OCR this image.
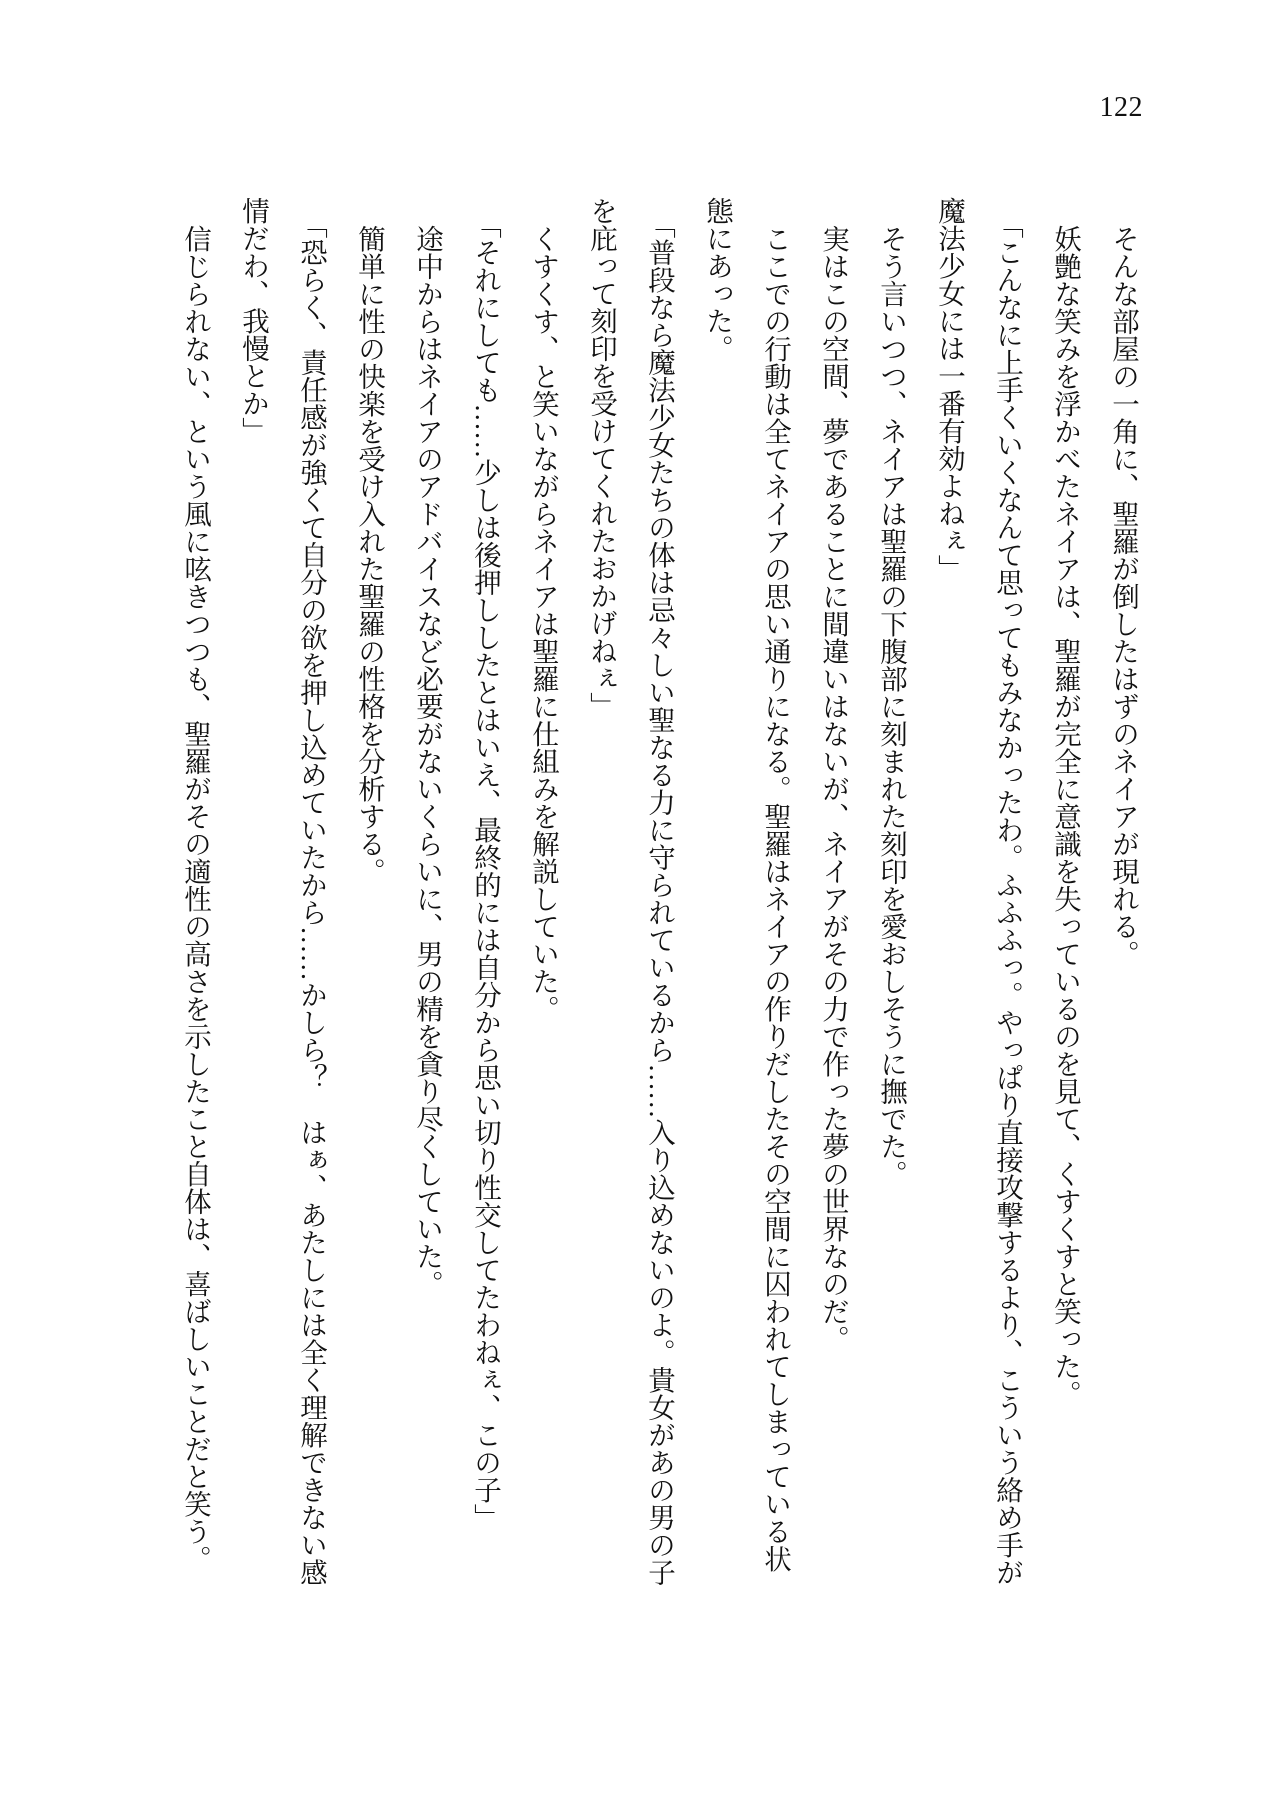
122

そんな部屋の一角に、聖羅が倒したはずのネイアが現れる。

妖艶な笑みを浮かべたネイアは、聖羅が完全に意識を失っているのを見て、くすくすと笑った。

「こんなに上手くいくなんて思ってもみなかったわ。ふふふっ。やっぱり直接攻撃するより、こういう絡め手が

魔法少女には一番有効よねぇ」

そう言いつつ、ネイアは聖羅の下腹部に刻まれた刻印を愛おしそうに撫でた。

実はこの空間、夢であることに間違いはないが、ネイアがその力で作った夢の世界なのだ。

ここでの行動は全てネイアの思い通りになる。聖羅はネイアの作りだしたその空間に囚われてしまっている状

態にあった。

「普段なら魔法少女たちの体は忌々しい聖なる力に守られているから……入り込めないのよ。貴女があの男の子

を庇って刻印を受けてくれたおかげねぇ」

くすくす、と笑いながらネイアは聖羅に仕組みを解説していた。

「それにしても……少しは後押ししたとはいえ、最終的には自分から思い切り性交してたわねぇ、この子」

途中からはネイアのアドバイスなど必要がないくらいに、男の精を貪り尽くしていた。

簡単に性の快楽を受け入れた聖羅の性格を分析する。

「恐らく、責任感が強くて自分の欲を押し込めていたから……かしら？　はぁ、あたしには全く理解できない感

情だわ、我慢とか」

信じられない、という風に呟きつつも、聖羅がその適性の高さを示したこと自体は、喜ばしいことだと笑う。
